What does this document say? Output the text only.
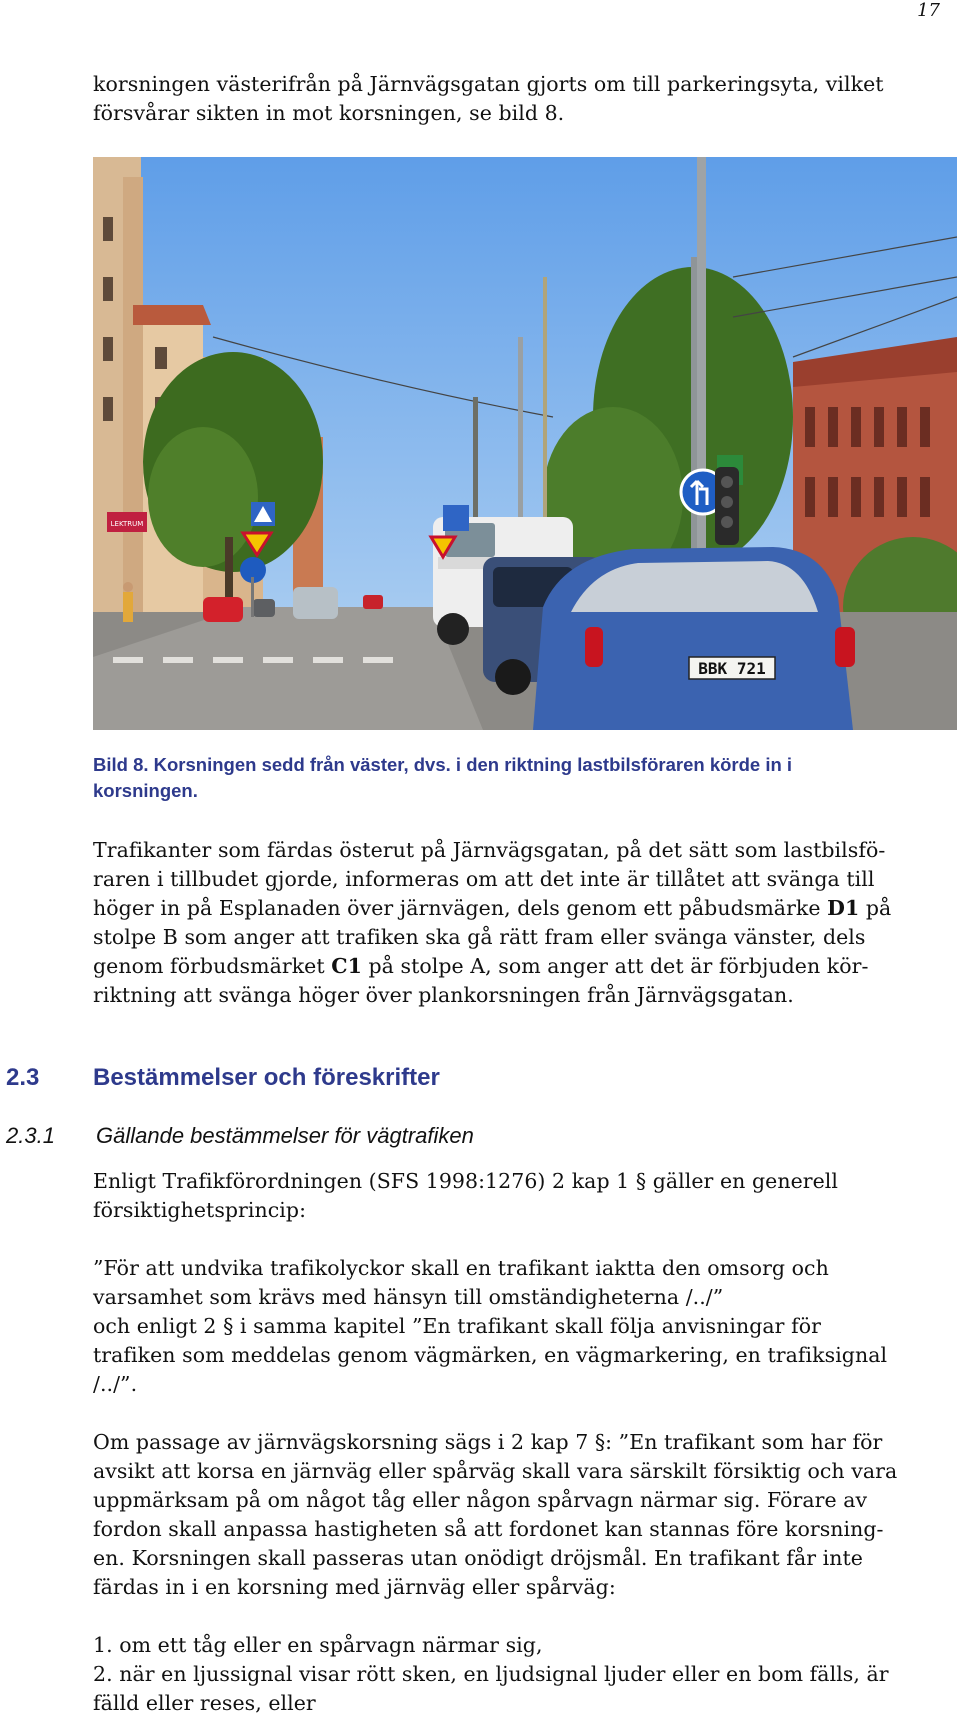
17

korsningen västerifrån på Järnvägsgatan gjorts om till parkeringsyta, vilket
försvårar sikten in mot korsningen, se bild 8.

BBK 721
LEKTRUM
Bild 8. Korsningen sedd från väster, dvs. i den riktning lastbilsföraren körde in i
korsningen.

Trafikanter som färdas österut på Järnvägsgatan, på det sätt som lastbilsfö-
raren i tillbudet gjorde, informeras om att det inte är tillåtet att svänga till
höger in på Esplanaden över järnvägen, dels genom ett påbudsmärke D1 på
stolpe B som anger att trafiken ska gå rätt fram eller svänga vänster, dels
genom förbudsmärket C1 på stolpe A, som anger att det är förbjuden kör-
riktning att svänga höger över plankorsningen från Järnvägsgatan.

2.3 Bestämmelser och föreskrifter
2.3.1 Gällande bestämmelser för vägtrafiken

Enligt Trafikförordningen (SFS 1998:1276) 2 kap 1 § gäller en generell
försiktighetsprincip:

”För att undvika trafikolyckor skall en trafikant iaktta den omsorg och
varsamhet som krävs med hänsyn till omständigheterna /../”
och enligt 2 § i samma kapitel ”En trafikant skall följa anvisningar för
trafiken som meddelas genom vägmärken, en vägmarkering, en trafiksignal
/../”.

Om passage av järnvägskorsning sägs i 2 kap 7 §: ”En trafikant som har för
avsikt att korsa en järnväg eller spårväg skall vara särskilt försiktig och vara
uppmärksam på om något tåg eller någon spårvagn närmar sig. Förare av
fordon skall anpassa hastigheten så att fordonet kan stannas före korsning-
en. Korsningen skall passeras utan onödigt dröjsmål. En trafikant får inte
färdas in i en korsning med järnväg eller spårväg:

1. om ett tåg eller en spårvagn närmar sig,
2. när en ljussignal visar rött sken, en ljudsignal ljuder eller en bom fälls, är
fälld eller reses, eller
